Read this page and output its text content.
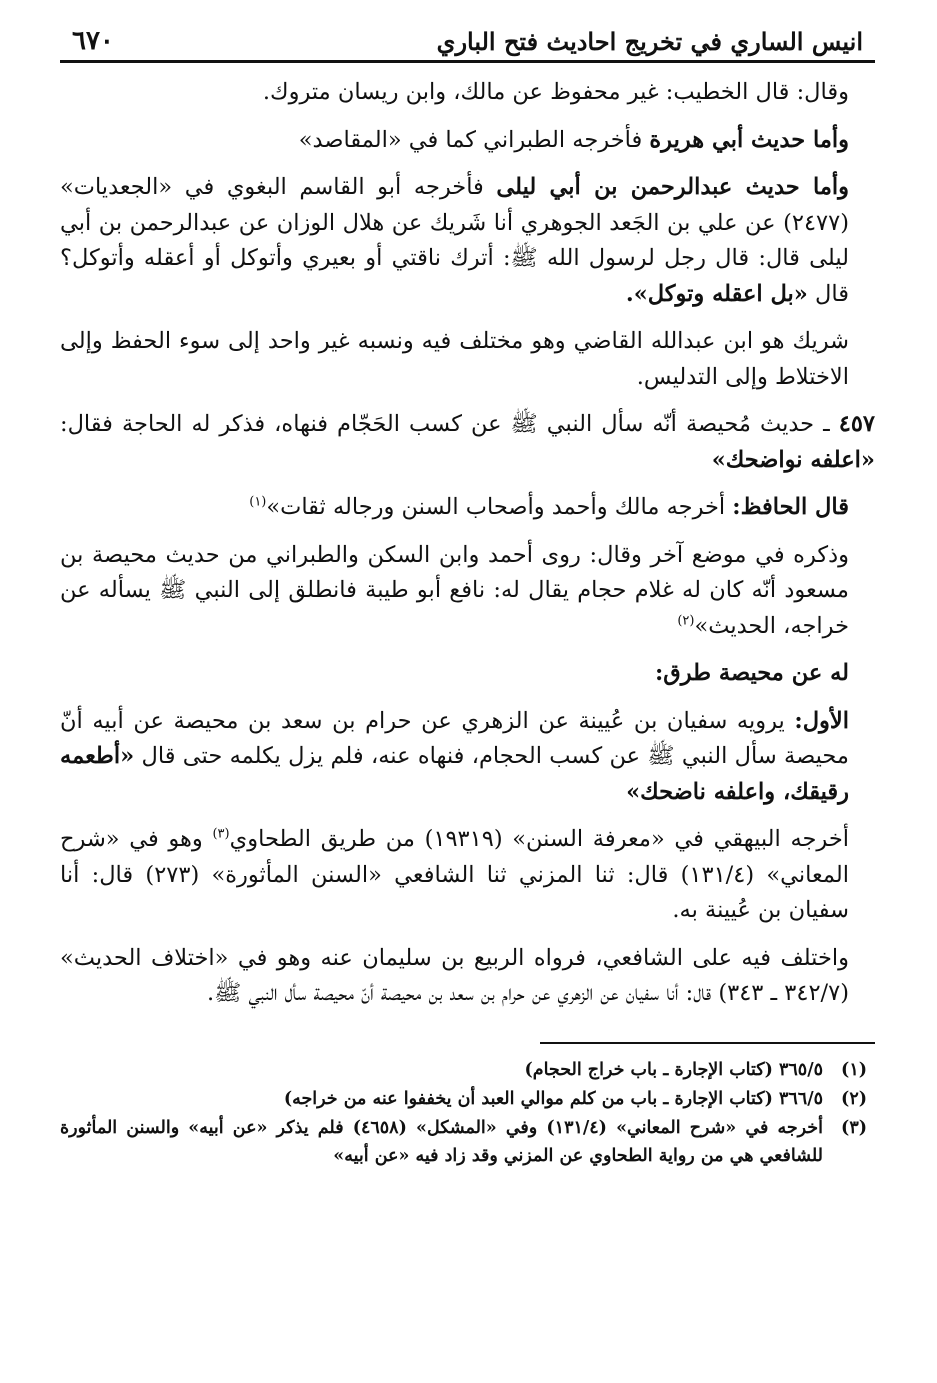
انيس الساري في تخريج احاديث فتح الباري
٦٧٠

وقال: قال الخطيب: غير محفوظ عن مالك، وابن ريسان متروك.

وأما حديث أبي هريرة فأخرجه الطبراني كما في «المقاصد»

وأما حديث عبدالرحمن بن أبي ليلى فأخرجه أبو القاسم البغوي في «الجعديات» (٢٤٧٧) عن علي بن الجَعد الجوهري أنا شَريك عن هلال الوزان عن عبدالرحمن بن أبي ليلى قال: قال رجل لرسول الله ﷺ: أترك ناقتي أو بعيري وأتوكل أو أعقله وأتوكل؟ قال «بل اعقله وتوكل».

شريك هو ابن عبدالله القاضي وهو مختلف فيه ونسبه غير واحد إلى سوء الحفظ وإلى الاختلاط وإلى التدليس.

٤٥٧ ـ حديث مُحيصة أنّه سأل النبي ﷺ عن كسب الحَجّام فنهاه، فذكر له الحاجة فقال: «اعلفه نواضحك»

قال الحافظ: أخرجه مالك وأحمد وأصحاب السنن ورجاله ثقات»$^{(١)}$

وذكره في موضع آخر وقال: روى أحمد وابن السكن والطبراني من حديث محيصة بن مسعود أنّه كان له غلام حجام يقال له: نافع أبو طيبة فانطلق إلى النبي ﷺ يسأله عن خراجه، الحديث»$^{(٢)}$

له عن محيصة طرق:

الأول: يرويه سفيان بن عُيينة عن الزهري عن حرام بن سعد بن محيصة عن أبيه أنّ محيصة سأل النبي ﷺ عن كسب الحجام، فنهاه عنه، فلم يزل يكلمه حتى قال «أطعمه رقيقك، واعلفه ناضحك»

أخرجه البيهقي في «معرفة السنن» (١٩٣١٩) من طريق الطحاوي$^{(٣)}$ وهو في «شرح المعاني» (١٣١/٤) قال: ثنا المزني ثنا الشافعي «السنن المأثورة» (٢٧٣) قال: أنا سفيان بن عُيينة به.

واختلف فيه على الشافعي، فرواه الربيع بن سليمان عنه وهو في «اختلاف الحديث» (٣٤٢/٧ ـ ٣٤٣) قال: أنا سفيان عن الزهري عن حرام بن سعد بن محيصة أنّ محيصة سأل النبي ﷺ.

(١)
٣٦٥/٥ (كتاب الإجارة ـ باب خراج الحجام)
(٢)
٣٦٦/٥ (كتاب الإجارة ـ باب من كلم موالي العبد أن يخففوا عنه من خراجه)
(٣)
أخرجه في «شرح المعاني» (١٣١/٤) وفي «المشكل» (٤٦٥٨) فلم يذكر «عن أبيه» والسنن المأثورة للشافعي هي من رواية الطحاوي عن المزني وقد زاد فيه «عن أبيه»
